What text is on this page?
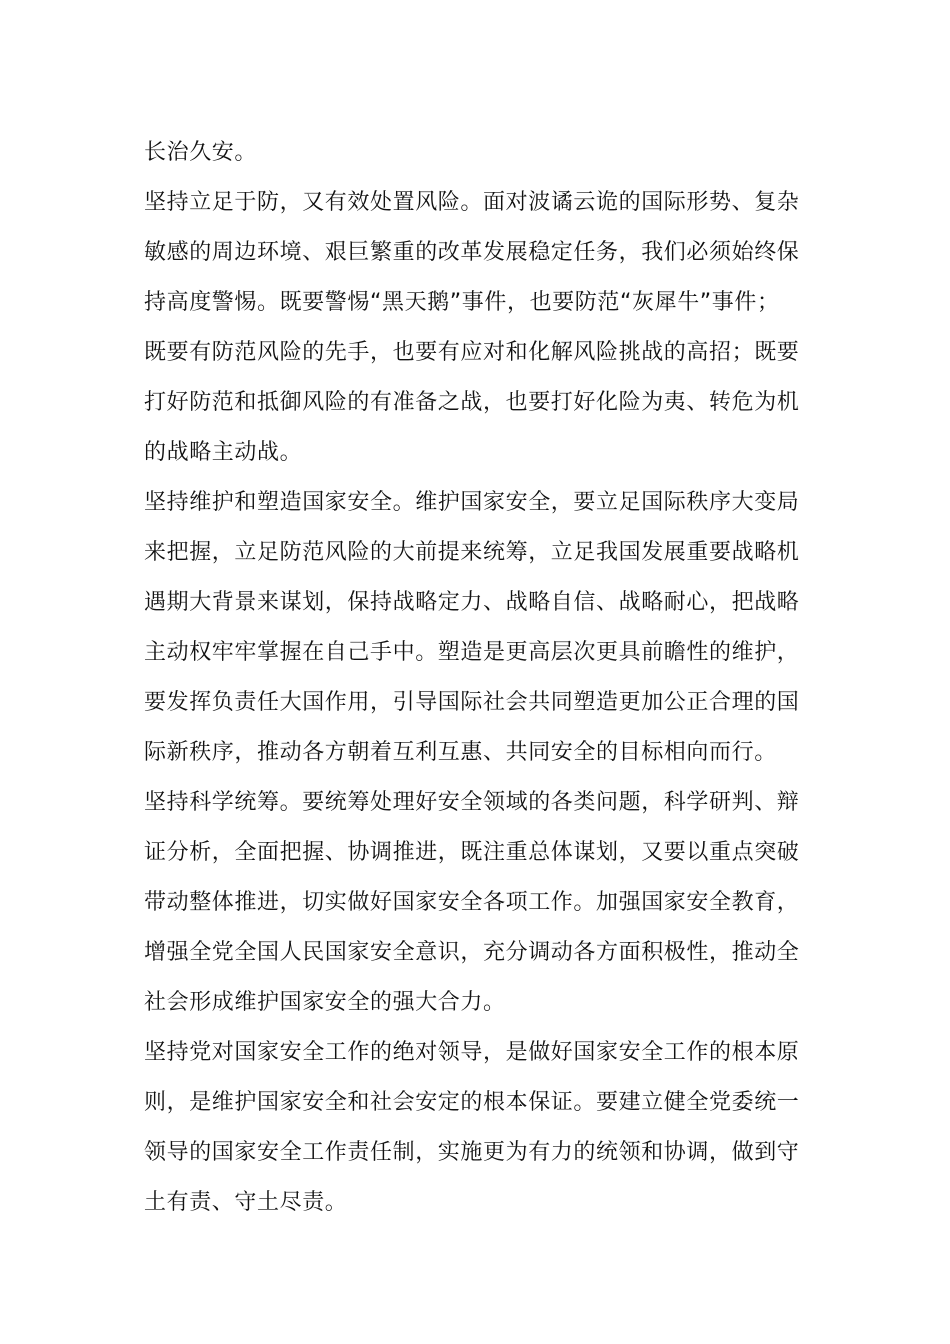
长治久安。
坚持立足于防，又有效处置风险。面对波谲云诡的国际形势、复杂
敏感的周边环境、艰巨繁重的改革发展稳定任务，我们必须始终保
持高度警惕。既要警惕“黑天鹅”事件，也要防范“灰犀牛”事件；
既要有防范风险的先手，也要有应对和化解风险挑战的高招；既要
打好防范和抵御风险的有准备之战，也要打好化险为夷、转危为机
的战略主动战。
坚持维护和塑造国家安全。维护国家安全，要立足国际秩序大变局
来把握，立足防范风险的大前提来统筹，立足我国发展重要战略机
遇期大背景来谋划，保持战略定力、战略自信、战略耐心，把战略
主动权牢牢掌握在自己手中。塑造是更高层次更具前瞻性的维护，
要发挥负责任大国作用，引导国际社会共同塑造更加公正合理的国
际新秩序，推动各方朝着互利互惠、共同安全的目标相向而行。
坚持科学统筹。要统筹处理好安全领域的各类问题，科学研判、辩
证分析，全面把握、协调推进，既注重总体谋划，又要以重点突破
带动整体推进，切实做好国家安全各项工作。加强国家安全教育，
增强全党全国人民国家安全意识，充分调动各方面积极性，推动全
社会形成维护国家安全的强大合力。
坚持党对国家安全工作的绝对领导，是做好国家安全工作的根本原
则，是维护国家安全和社会安定的根本保证。要建立健全党委统一
领导的国家安全工作责任制，实施更为有力的统领和协调，做到守
土有责、守土尽责。
